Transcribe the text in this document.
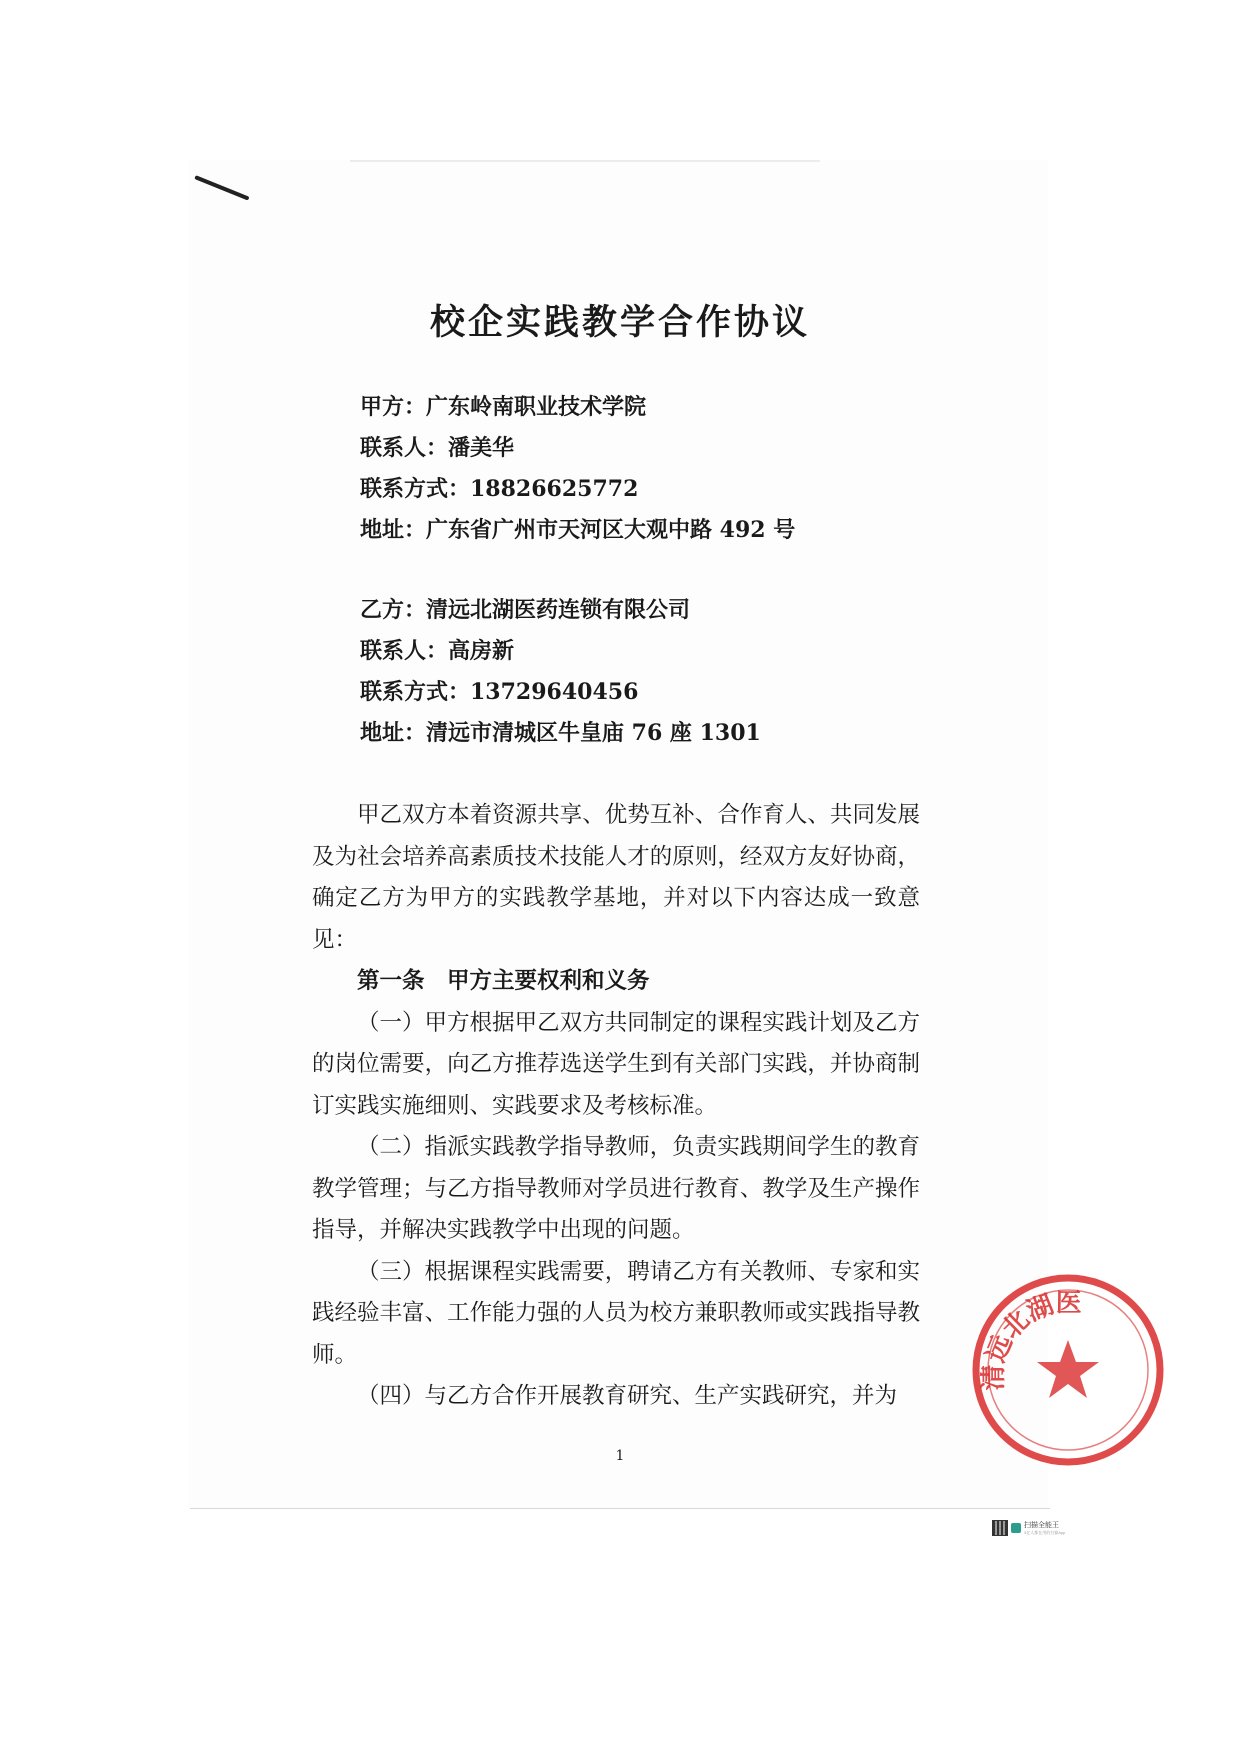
校企实践教学合作协议
甲方：广东岭南职业技术学院
联系人：潘美华
联系方式：18826625772
地址：广东省广州市天河区大观中路 492 号
乙方：清远北湖医药连锁有限公司
联系人：高房新
联系方式：13729640456
地址：清远市清城区牛皇庙 76 座 1301

甲乙双方本着资源共享、优势互补、合作育人、共同发展及为社会培养高素质技术技能人才的原则，经双方友好协商，确定乙方为甲方的实践教学基地，并对以下内容达成一致意见：

第一条　甲方主要权利和义务

（一）甲方根据甲乙双方共同制定的课程实践计划及乙方的岗位需要，向乙方推荐选送学生到有关部门实践，并协商制订实践实施细则、实践要求及考核标准。

（二）指派实践教学指导教师，负责实践期间学生的教育教学管理；与乙方指导教师对学员进行教育、教学及生产操作指导，并解决实践教学中出现的问题。

（三）根据课程实践需要，聘请乙方有关教师、专家和实践经验丰富、工作能力强的人员为校方兼职教师或实践指导教师。

（四）与乙方合作开展教育研究、生产实践研究，并为

1
清远北湖医
扫描全能王
3亿人都在用的扫描App
